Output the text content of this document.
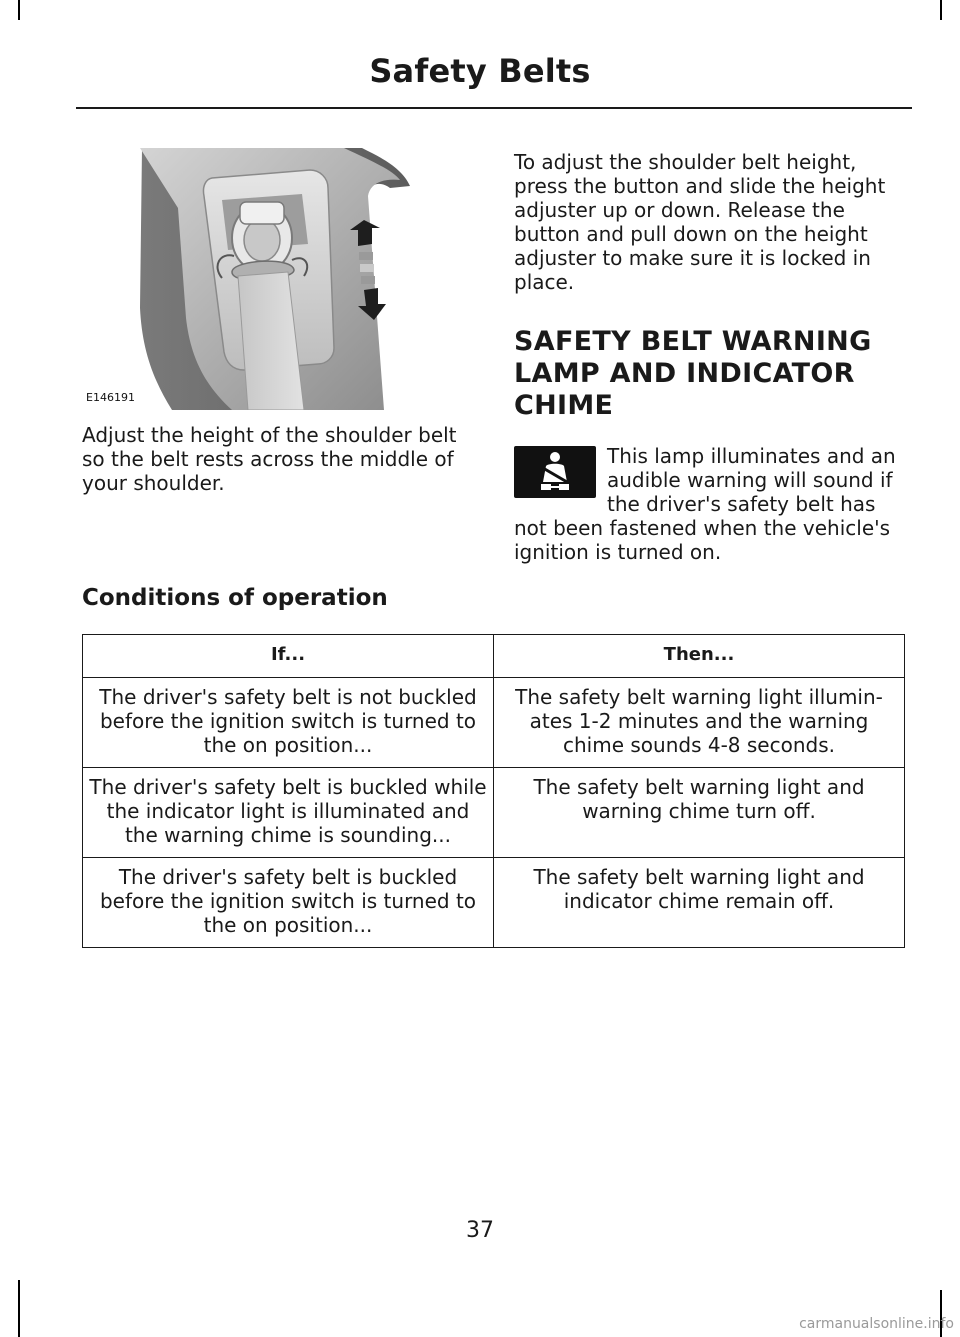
Safety Belts
E146191

Adjust the height of the shoulder belt so the belt rests across the middle of your shoulder.

To adjust the shoulder belt height, press the button and slide the height adjuster up or down. Release the button and pull down on the height adjuster to make sure it is locked in place.

SAFETY BELT WARNING LAMP AND INDICATOR CHIME

This lamp illuminates and an audible warning will sound if the driver's safety belt has

not been fastened when the vehicle's ignition is turned on.

Conditions of operation
If...	Then...
The driver's safety belt is not buckled before the ignition switch is turned to the on position...	The safety belt warning light illumin- ates 1-2 minutes and the warning chime sounds 4-8 seconds.
The driver's safety belt is buckled while the indicator light is illuminated and the warning chime is sounding...	The safety belt warning light and warning chime turn off.
The driver's safety belt is buckled before the ignition switch is turned to the on position...	The safety belt warning light and indicator chime remain off.
37
carmanualsonline.info
